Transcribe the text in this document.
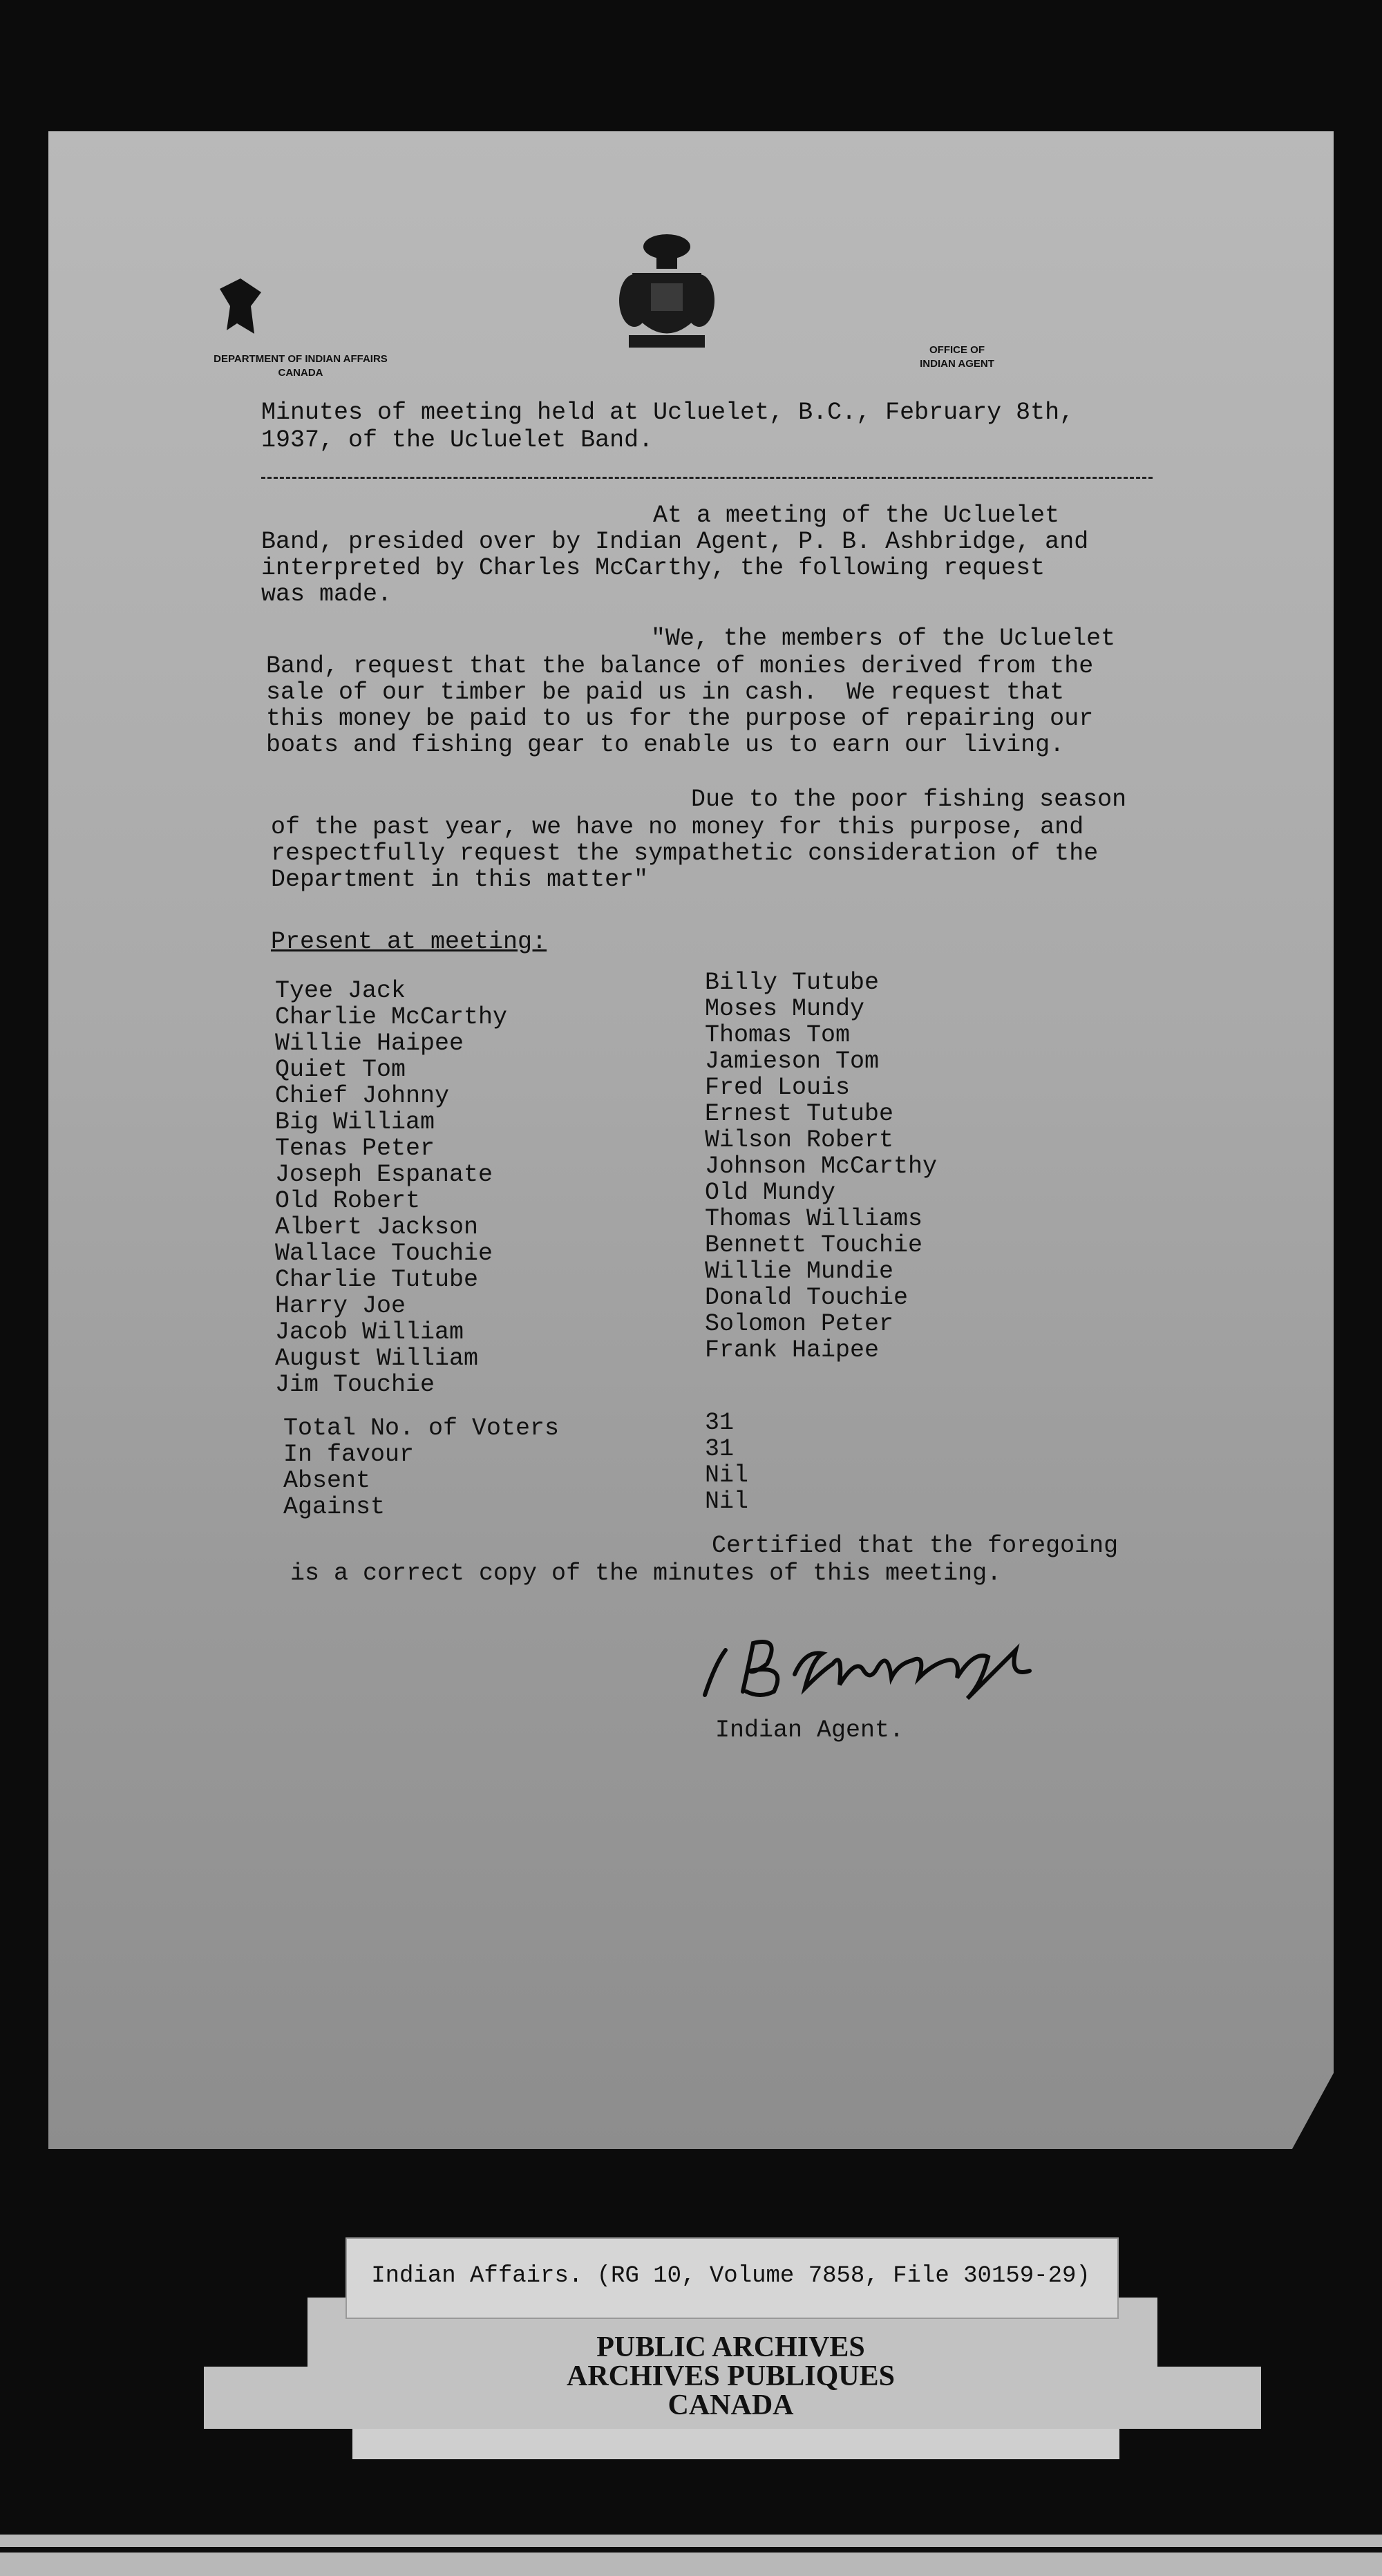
DEPARTMENT OF INDIAN AFFAIRS
CANADA
OFFICE OF
INDIAN AGENT
Minutes of meeting held at Ucluelet, B.C., February 8th,
1937, of the Ucluelet Band.
At a meeting of the Ucluelet
Band, presided over by Indian Agent, P. B. Ashbridge, and
interpreted by Charles McCarthy, the following request
was made.
"We, the members of the Ucluelet
Band, request that the balance of monies derived from the
sale of our timber be paid us in cash.  We request that
this money be paid to us for the purpose of repairing our
boats and fishing gear to enable us to earn our living.
Due to the poor fishing season
of the past year, we have no money for this purpose, and
respectfully request the sympathetic consideration of the
Department in this matter"
Present at meeting:
Tyee Jack
Charlie McCarthy
Willie Haipee
Quiet Tom
Chief Johnny
Big William
Tenas Peter
Joseph Espanate
Old Robert
Albert Jackson
Wallace Touchie
Charlie Tutube
Harry Joe
Jacob William
August William
Jim Touchie
Billy Tutube
Moses Mundy
Thomas Tom
Jamieson Tom
Fred Louis
Ernest Tutube
Wilson Robert
Johnson McCarthy
Old Mundy
Thomas Williams
Bennett Touchie
Willie Mundie
Donald Touchie
Solomon Peter
Frank Haipee
Total No. of Voters	31
In favour	31
Absent	Nil
Against	Nil
Certified that the foregoing
is a correct copy of the minutes of this meeting.
Indian Agent.
Indian Affairs. (RG 10, Volume 7858, File 30159-29)
PUBLIC ARCHIVES
ARCHIVES PUBLIQUES
CANADA
